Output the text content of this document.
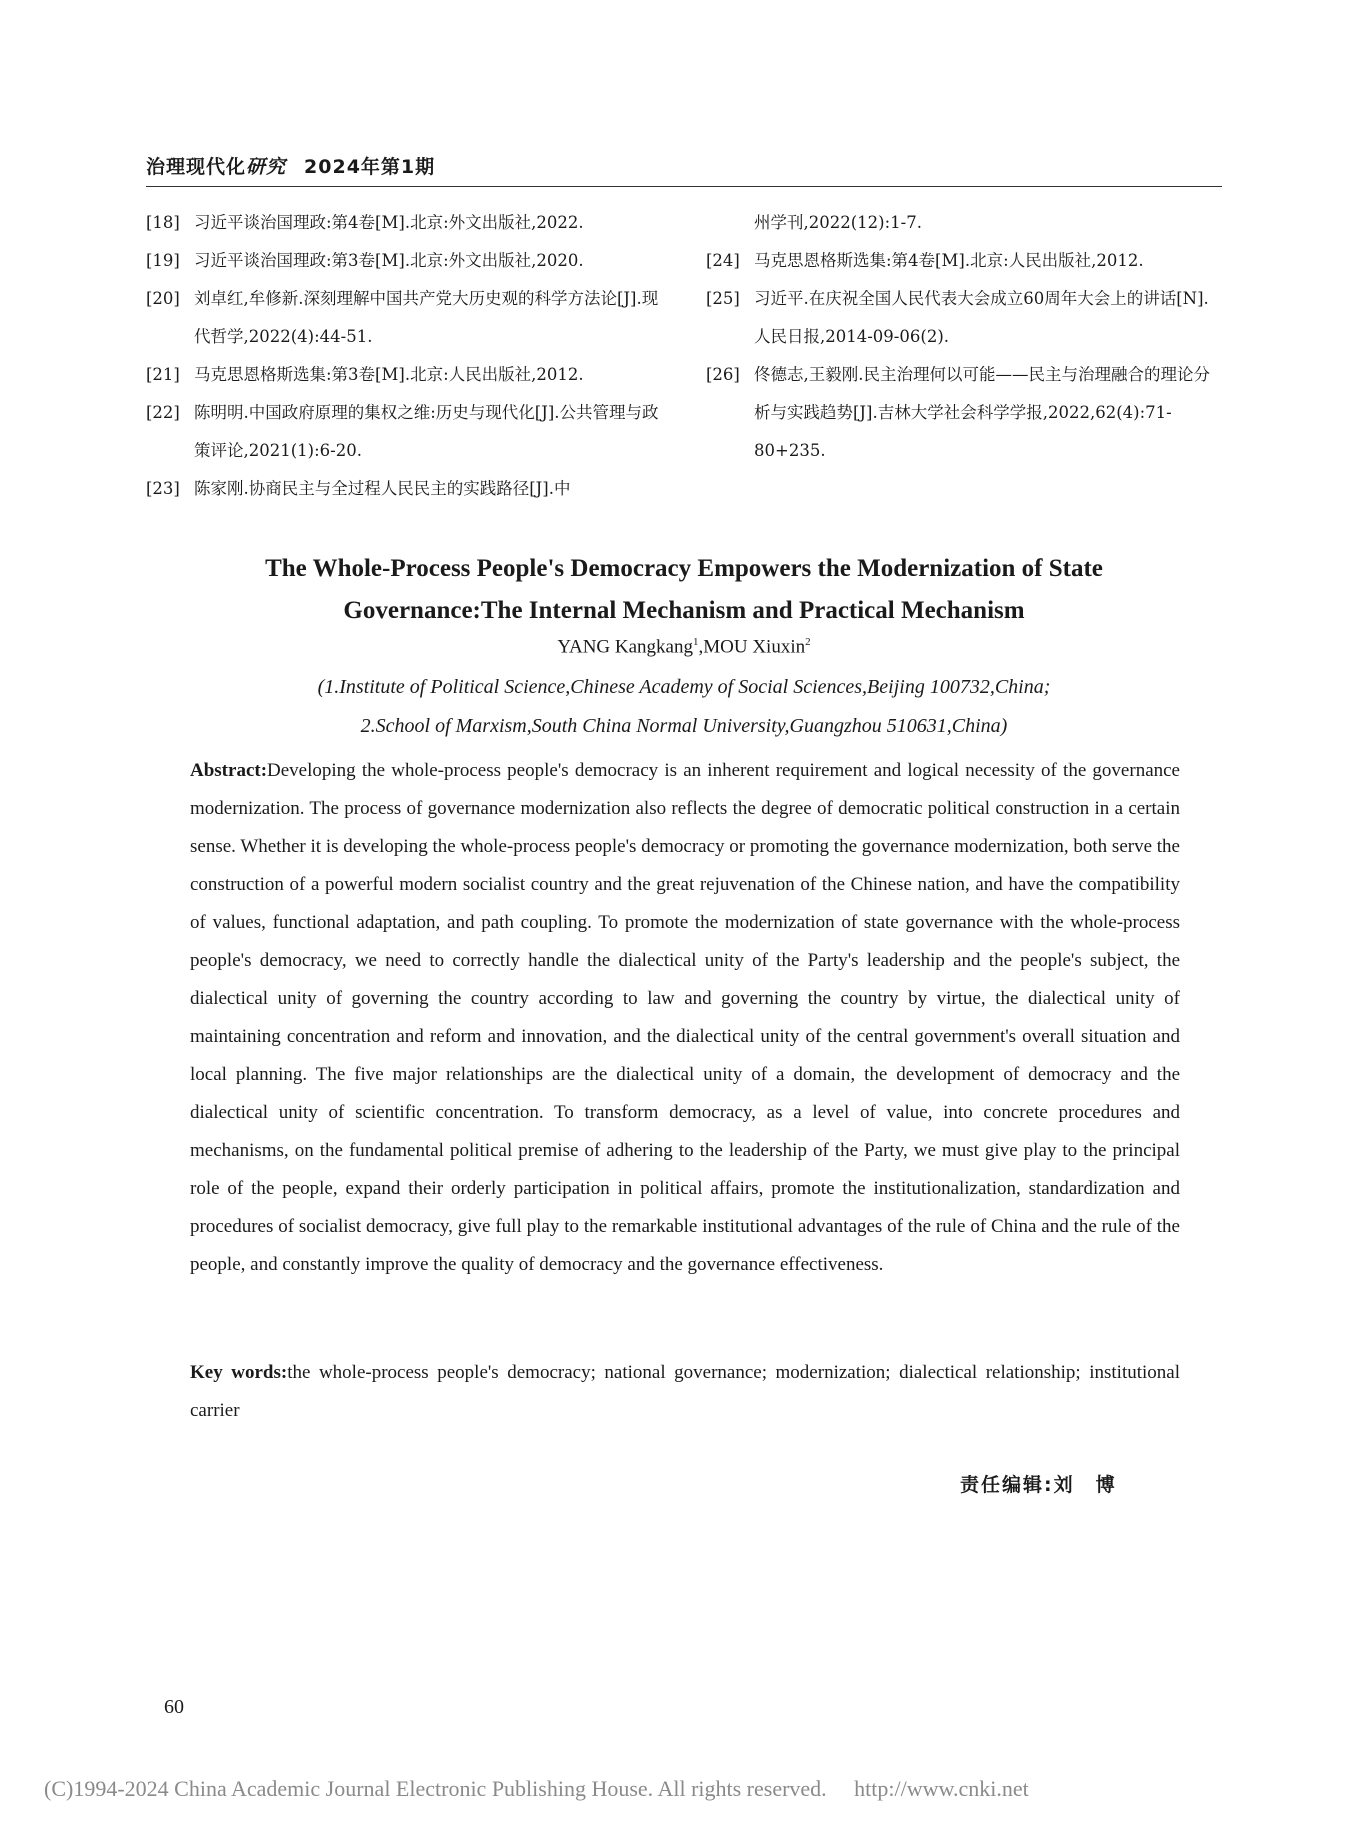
治理现代化研究 2024年第1期
[18] 习近平谈治国理政:第4卷[M].北京:外文出版社,2022.
[19] 习近平谈治国理政:第3卷[M].北京:外文出版社,2020.
[20] 刘卓红,牟修新.深刻理解中国共产党大历史观的科学方法论[J].现代哲学,2022(4):44-51.
[21] 马克思恩格斯选集:第3卷[M].北京:人民出版社,2012.
[22] 陈明明.中国政府原理的集权之维:历史与现代化[J].公共管理与政策评论,2021(1):6-20.
[23] 陈家刚.协商民主与全过程人民民主的实践路径[J].中
州学刊,2022(12):1-7.
[24] 马克思恩格斯选集:第4卷[M].北京:人民出版社,2012.
[25] 习近平.在庆祝全国人民代表大会成立60周年大会上的讲话[N].人民日报,2014-09-06(2).
[26] 佟德志,王毅刚.民主治理何以可能——民主与治理融合的理论分析与实践趋势[J].吉林大学社会科学学报,2022,62(4):71-80+235.
The Whole-Process People's Democracy Empowers the Modernization of State
Governance:The Internal Mechanism and Practical Mechanism
YANG Kangkang$^1$,MOU Xiuxin$^2$
(1.Institute of Political Science,Chinese Academy of Social Sciences,Beijing 100732,China;
2.School of Marxism,South China Normal University,Guangzhou 510631,China)
Abstract:Developing the whole-process people's democracy is an inherent requirement and logical necessity of the governance modernization. The process of governance modernization also reflects the degree of democratic political construction in a certain sense. Whether it is developing the whole-process people's democracy or promoting the governance modernization, both serve the construction of a powerful modern socialist country and the great rejuvenation of the Chinese nation, and have the compatibility of values, functional adaptation, and path coupling. To promote the modernization of state governance with the whole-process people's democracy, we need to correctly handle the dialectical unity of the Party's leadership and the people's subject, the dialectical unity of governing the country according to law and governing the country by virtue, the dialectical unity of maintaining concentration and reform and innovation, and the dialectical unity of the central government's overall situation and local planning. The five major relationships are the dialectical unity of a domain, the development of democracy and the dialectical unity of scientific concentration. To transform democracy, as a level of value, into concrete procedures and mechanisms, on the fundamental political premise of adhering to the leadership of the Party, we must give play to the principal role of the people, expand their orderly participation in political affairs, promote the institutionalization, standardization and procedures of socialist democracy, give full play to the remarkable institutional advantages of the rule of China and the rule of the people, and constantly improve the quality of democracy and the governance effectiveness.
Key words:the whole-process people's democracy; national governance; modernization; dialectical relationship; institutional carrier
责任编辑:刘　博
60
(C)1994-2024 China Academic Journal Electronic Publishing House. All rights reserved.　 http://www.cnki.net
